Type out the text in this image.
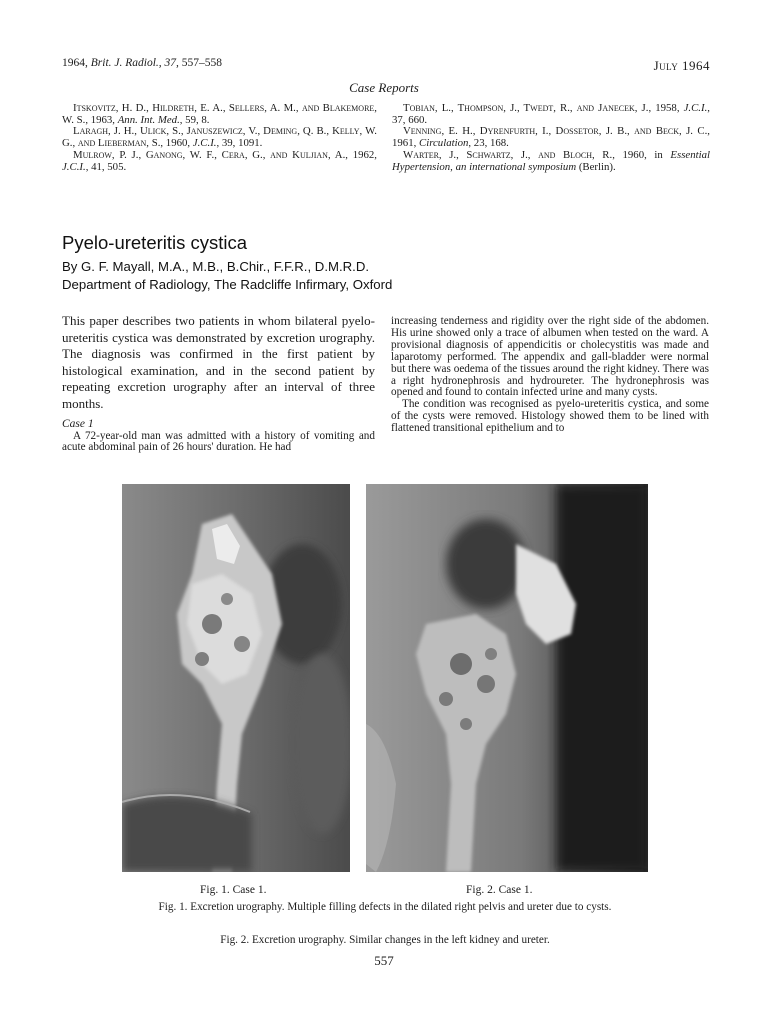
1964, Brit. J. Radiol., 37, 557–558	July 1964
Case Reports

Itskovitz, H. D., Hildreth, E. A., Sellers, A. M., and Blakemore, W. S., 1963, Ann. Int. Med., 59, 8.

Laragh, J. H., Ulick, S., Januszewicz, V., Deming, Q. B., Kelly, W. G., and Lieberman, S., 1960, J.C.I., 39, 1091.

Mulrow, P. J., Ganong, W. F., Cera, G., and Kuljian, A., 1962, J.C.I., 41, 505.

Tobian, L., Thompson, J., Twedt, R., and Janecek, J., 1958, J.C.I., 37, 660.

Venning, E. H., Dyrenfurth, I., Dossetor, J. B., and Beck, J. C., 1961, Circulation, 23, 168.

Warter, J., Schwartz, J., and Bloch, R., 1960, in Essential Hypertension, an international symposium (Berlin).

Pyelo-ureteritis cystica
By G. F. Mayall, M.A., M.B., B.Chir., F.F.R., D.M.R.D.
Department of Radiology, The Radcliffe Infirmary, Oxford

This paper describes two patients in whom bilateral pyelo-ureteritis cystica was demonstrated by excretion urography. The diagnosis was confirmed in the first patient by histological examination, and in the second patient by repeating excretion urography after an interval of three months.

Case 1

A 72-year-old man was admitted with a history of vomiting and acute abdominal pain of 26 hours' duration. He had

increasing tenderness and rigidity over the right side of the abdomen. His urine showed only a trace of albumen when tested on the ward. A provisional diagnosis of appendicitis or cholecystitis was made and laparotomy performed. The appendix and gall-bladder were normal but there was oedema of the tissues around the right kidney. There was a right hydronephrosis and hydroureter. The hydronephrosis was opened and found to contain infected urine and many cysts.

The condition was recognised as pyelo-ureteritis cystica, and some of the cysts were removed. Histology showed them to be lined with flattened transitional epithelium and to

Fig. 1. Case 1.	Fig. 2. Case 1.
Fig. 1. Excretion urography. Multiple filling defects in the dilated right pelvis and ureter due to cysts.
Fig. 2. Excretion urography. Similar changes in the left kidney and ureter.
557
